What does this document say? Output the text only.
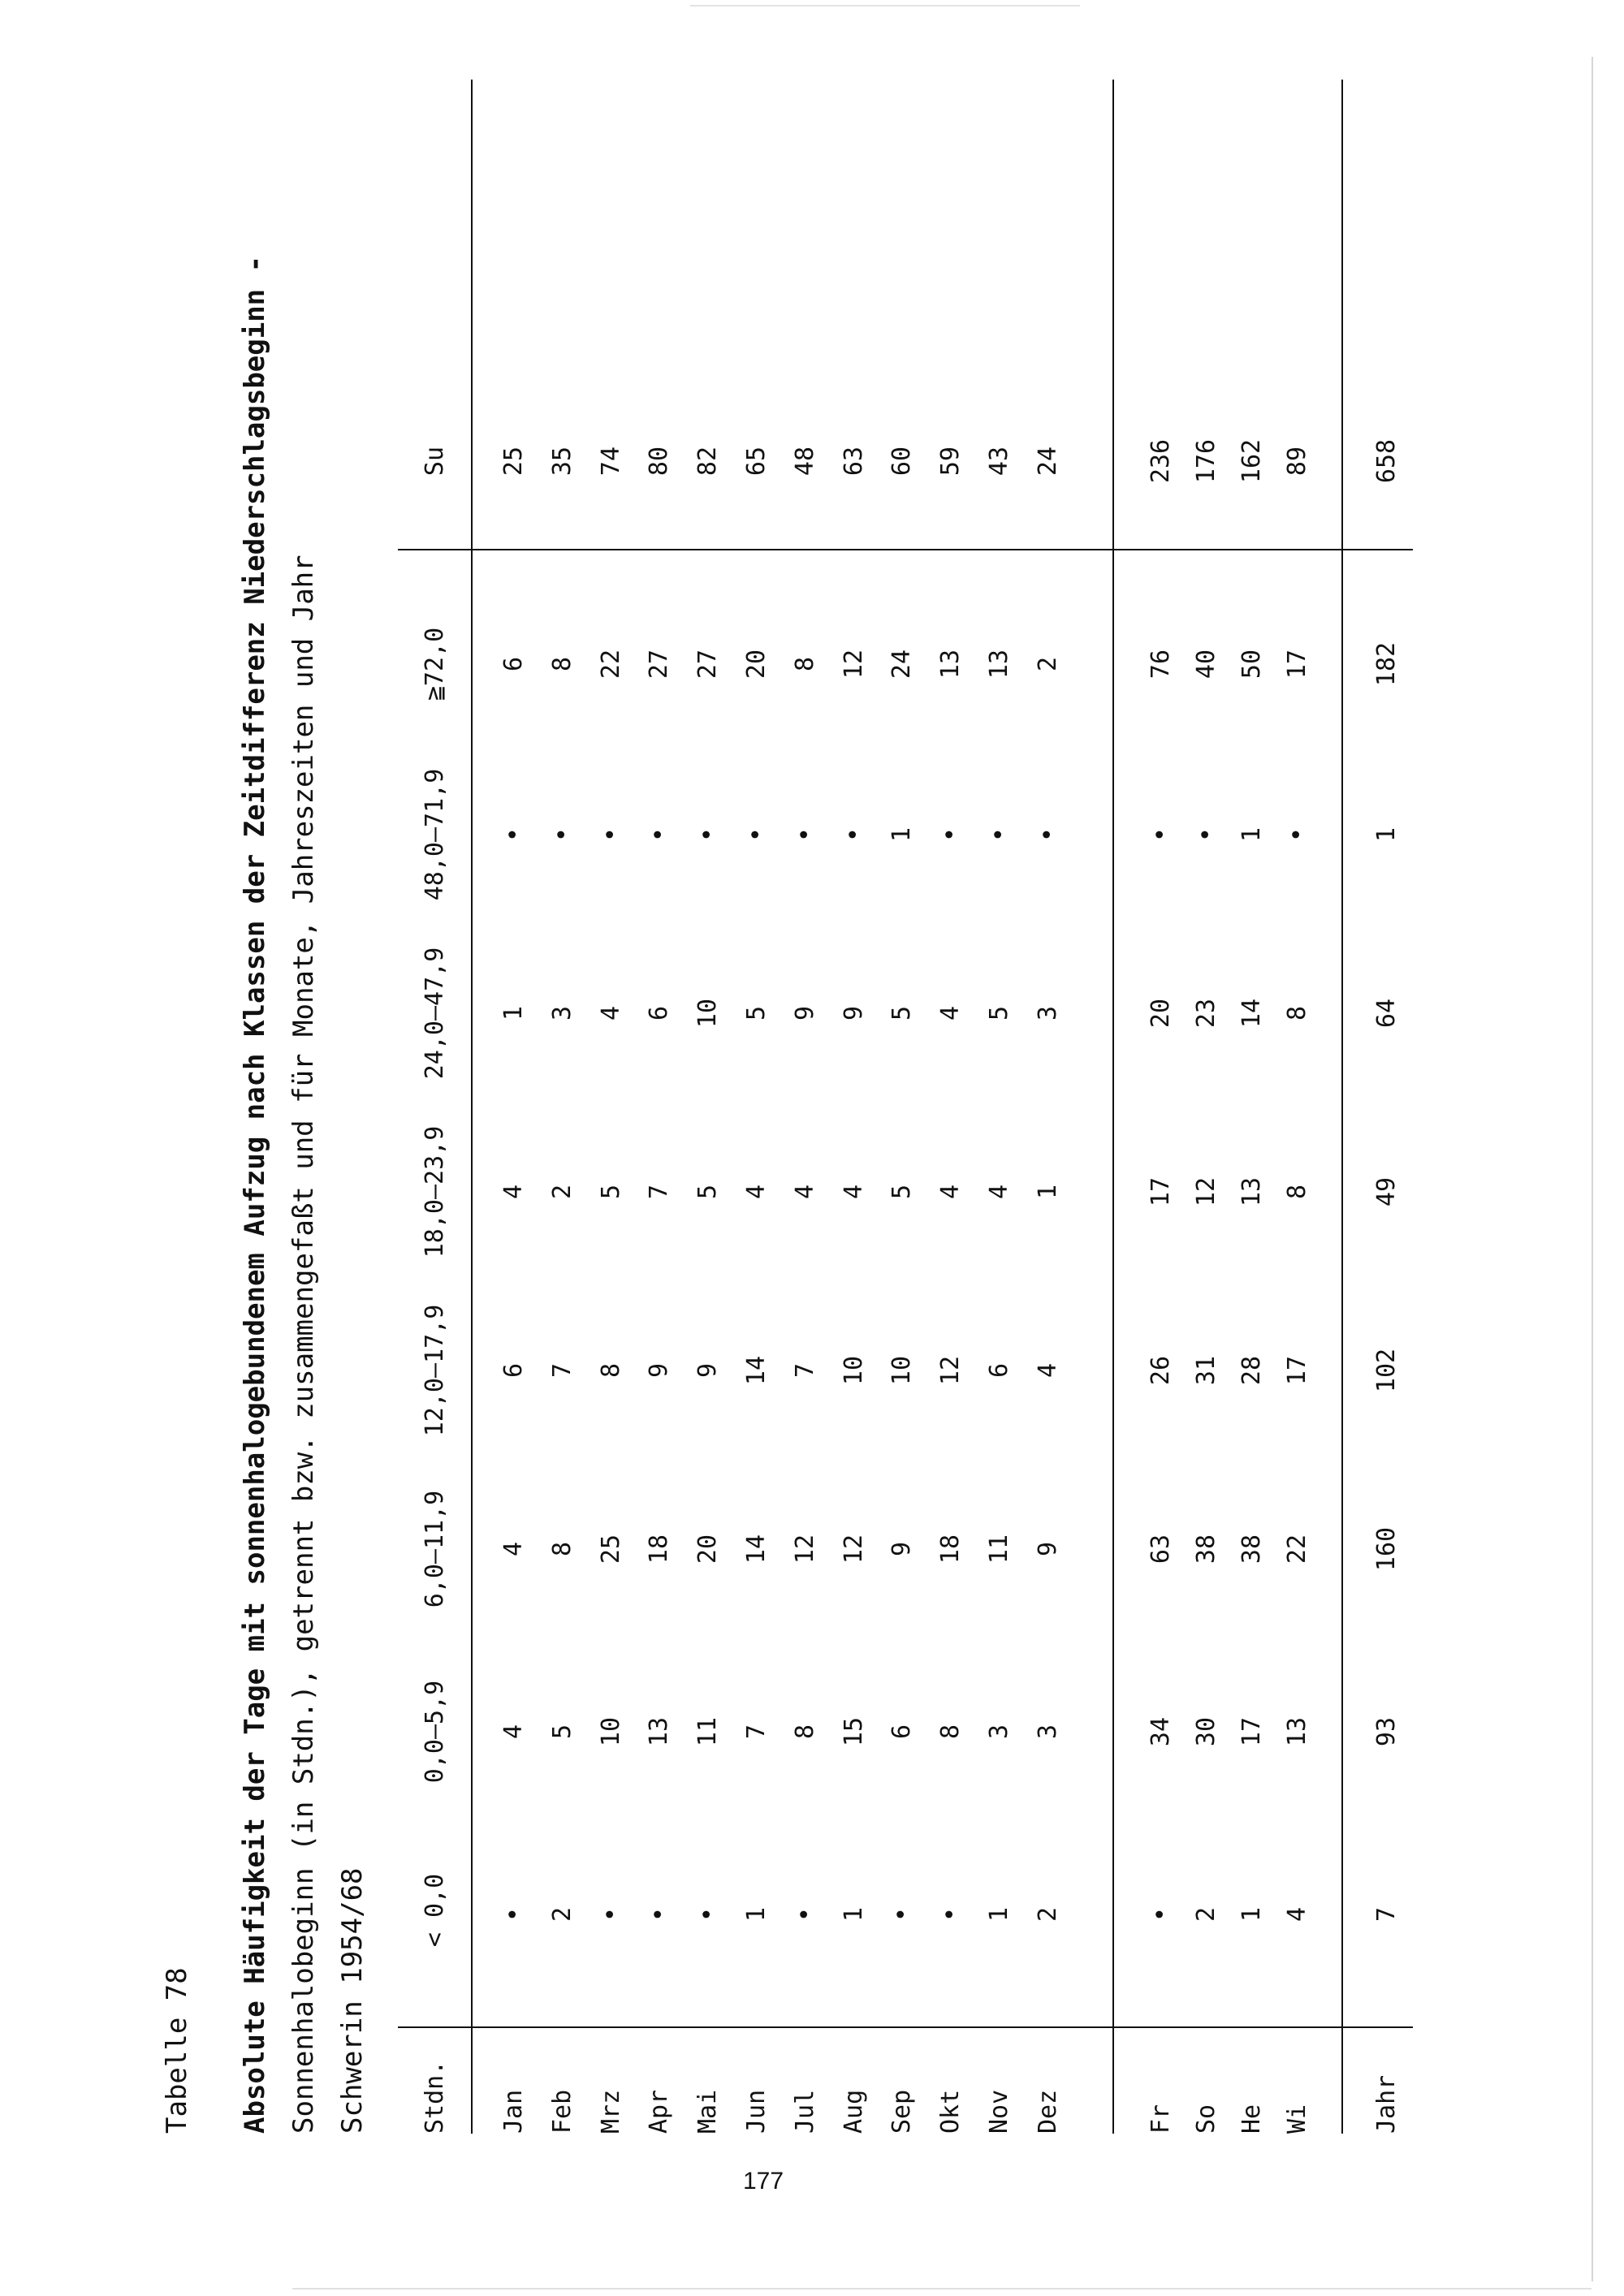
Tabelle 78 Absolute Häufigkeit der Tage mit sonnenhalogebundenem Aufzug nach Klassen der Zeitdifferenz Niederschlagsbeginn - Sonnenhalobeginn (in Stdn.), getrennt bzw. zusammengefaßt und für Monate, Jahreszeiten und Jahr Schwerin 1954/68 Stdn.
< 0,0
0,0–5,9
6,0–11,9
12,0–17,9
18,0–23,9
24,0–47,9
48,0–71,9
≧72,0
Su
Jan
•
4
4
6
4
1
•
6
25
Feb
2
5
8
7
2
3
•
8
35
Mrz
•
10
25
8
5
4
•
22
74
Apr
•
13
18
9
7
6
•
27
80
Mai
•
11
20
9
5
10
•
27
82
Jun
1
7
14
14
4
5
•
20
65
Jul
•
8
12
7
4
9
•
8
48
Aug
1
15
12
10
4
9
•
12
63
Sep
•
6
9
10
5
5
1
24
60
Okt
•
8
18
12
4
4
•
13
59
Nov
1
3
11
6
4
5
•
13
43
Dez
2
3
9
4
1
3
•
2
24
Fr
•
34
63
26
17
20
•
76
236
So
2
30
38
31
12
23
•
40
176
He
1
17
38
28
13
14
1
50
162
Wi
4
13
22
17
8
8
•
17
89
Jahr
7
93
160
102
49
64
1
182
658
177
